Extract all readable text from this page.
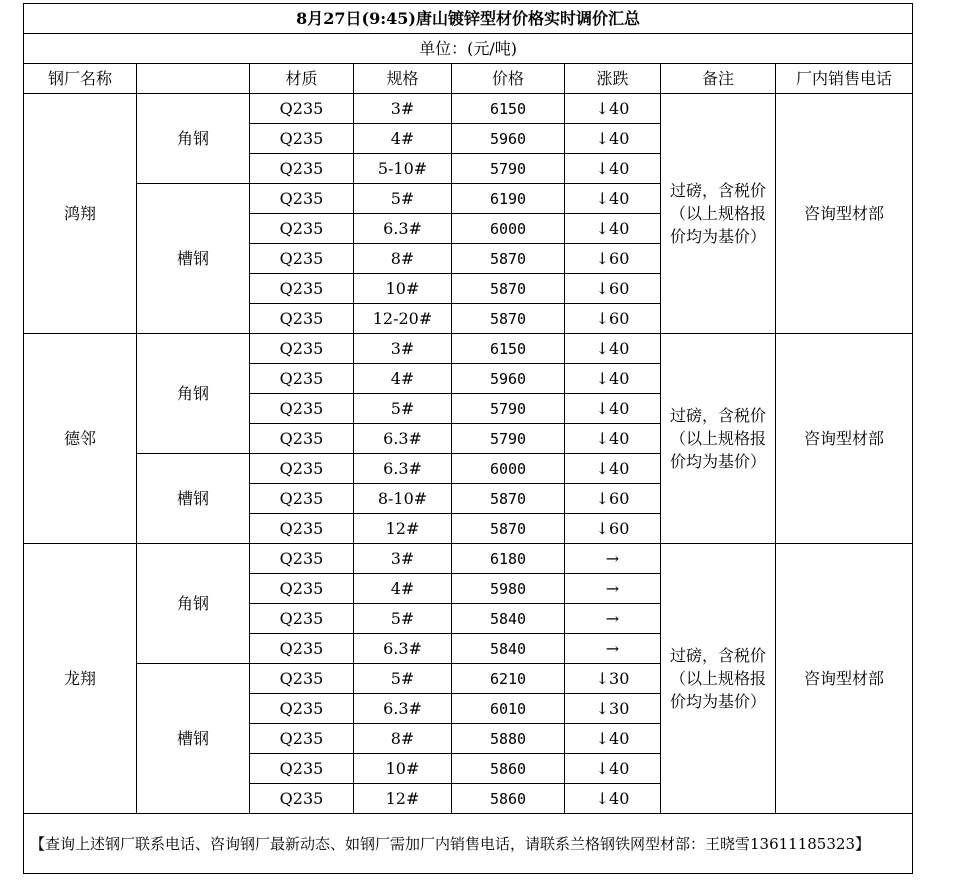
8月27日(9:45)唐山镀锌型材价格实时调价汇总							
单位：(元/吨)							
钢厂名称		材质	规格	价格	涨跌	备注	厂内销售电话
鸿翔	角钢	Q235	3#	6150	↓40	过磅，含税价（以上规格报价均为基价）	咨询型材部
		Q235	4#	5960	↓40		
		Q235	5-10#	5790	↓40		
	槽钢	Q235	5#	6190	↓40		
		Q235	6.3#	6000	↓40		
		Q235	8#	5870	↓60		
		Q235	10#	5870	↓60		
		Q235	12-20#	5870	↓60		
德邻	角钢	Q235	3#	6150	↓40	过磅，含税价（以上规格报价均为基价）	咨询型材部
		Q235	4#	5960	↓40		
		Q235	5#	5790	↓40		
		Q235	6.3#	5790	↓40		
	槽钢	Q235	6.3#	6000	↓40		
		Q235	8-10#	5870	↓60		
		Q235	12#	5870	↓60		
龙翔	角钢	Q235	3#	6180	→	过磅，含税价（以上规格报价均为基价）	咨询型材部
		Q235	4#	5980	→		
		Q235	5#	5840	→		
		Q235	6.3#	5840	→		
	槽钢	Q235	5#	6210	↓30		
		Q235	6.3#	6010	↓30		
		Q235	8#	5880	↓40		
		Q235	10#	5860	↓40		
		Q235	12#	5860	↓40		
【查询上述钢厂联系电话、咨询钢厂最新动态、如钢厂需加厂内销售电话，请联系兰格钢铁网型材部：王晓雪13611185323】							
